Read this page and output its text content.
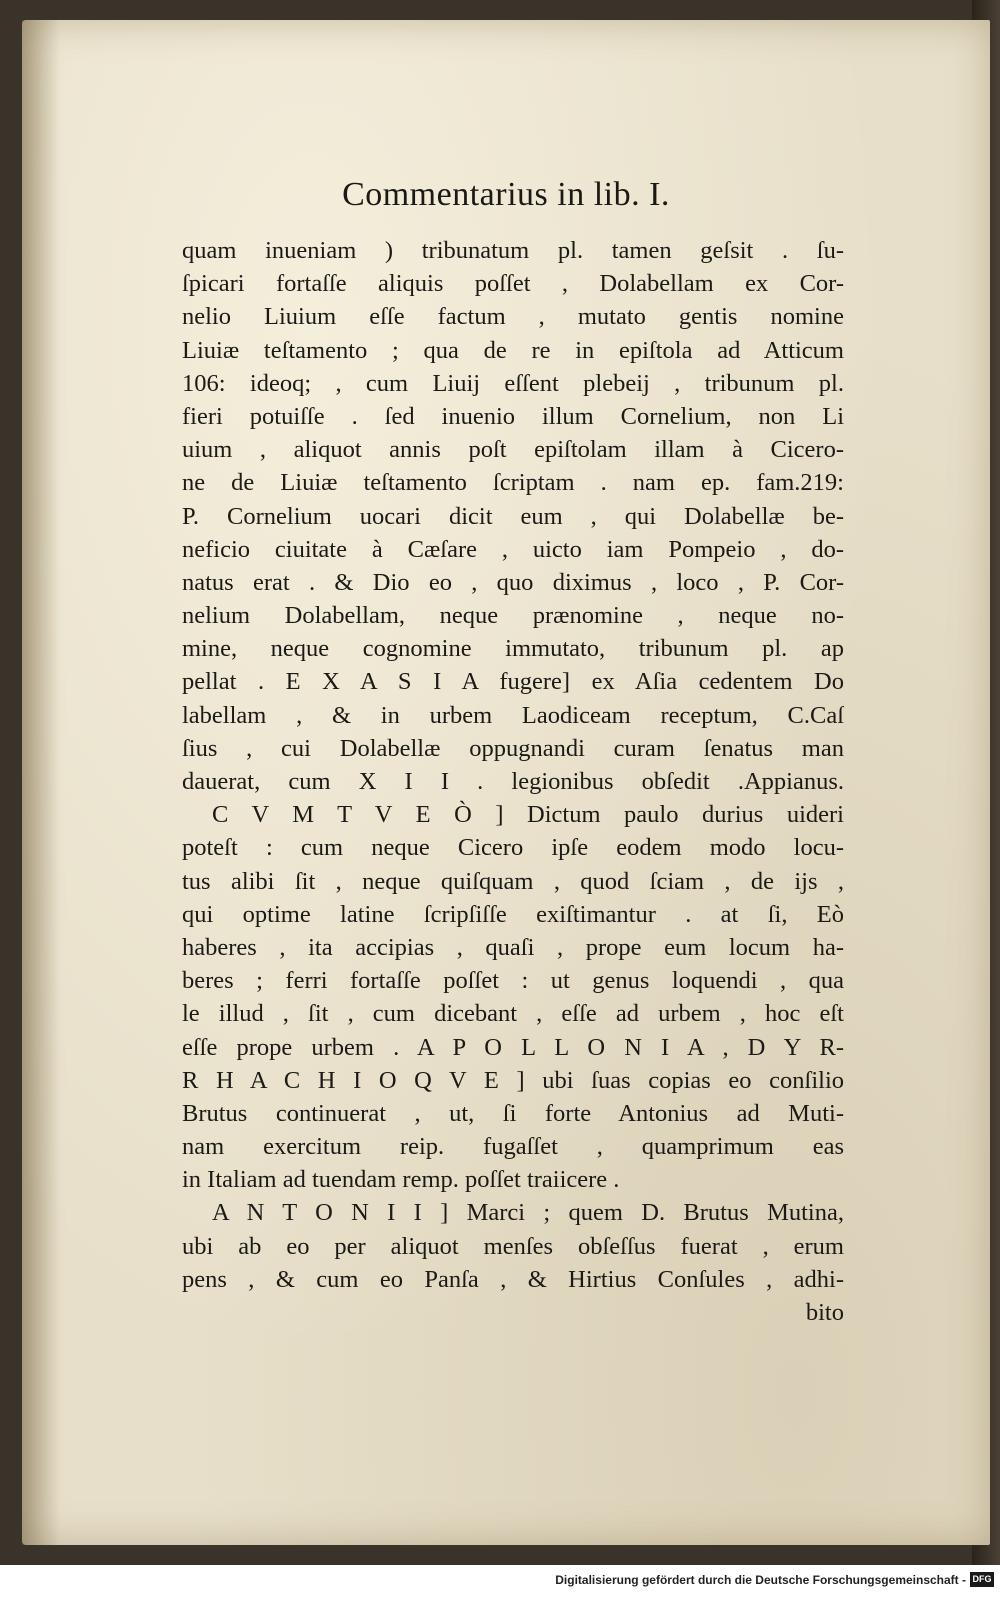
Commentarius in lib. I.
quam inueniam ) tribunatum pl. tamen geſsit . ſu-
ſpicari fortaſſe aliquis poſſet , Dolabellam ex Cor-
nelio Liuium eſſe factum , mutato gentis nomine
Liuiæ teſtamento ; qua de re in epiſtola ad Atticum
106: ideoq; , cum Liuij eſſent plebeij , tribunum pl.
fieri potuiſſe . ſed inuenio illum Cornelium, non Li
uium , aliquot annis poſt epiſtolam illam à Cicero-
ne de Liuiæ teſtamento ſcriptam . nam ep. fam.219:
P. Cornelium uocari dicit eum , qui Dolabellæ be-
neficio ciuitate à Cæſare , uicto iam Pompeio , do-
natus erat . & Dio eo , quo diximus , loco , P. Cor-
nelium Dolabellam, neque prænomine , neque no-
mine, neque cognomine immutato, tribunum pl. ap
pellat . E X A S I A fugere] ex Aſia cedentem Do
labellam , & in urbem Laodiceam receptum, C.Caſ
ſius , cui Dolabellæ oppugnandi curam ſenatus man
dauerat, cum X I I . legionibus obſedit .Appianus.
C V M T V E Ò ] Dictum paulo durius uideri
poteſt : cum neque Cicero ipſe eodem modo locu-
tus alibi ſit , neque quiſquam , quod ſciam , de ijs ,
qui optime latine ſcripſiſſe exiſtimantur . at ſi, Eò
haberes , ita accipias , quaſi , prope eum locum ha-
beres ; ferri fortaſſe poſſet : ut genus loquendi , qua
le illud , ſit , cum dicebant , eſſe ad urbem , hoc eſt
eſſe prope urbem . A P O L L O N I A , D Y R-
R H A C H I O Q V E ] ubi ſuas copias eo conſilio
Brutus continuerat , ut, ſi forte Antonius ad Muti-
nam exercitum reip. fugaſſet , quamprimum eas
in Italiam ad tuendam remp. poſſet traiicere .
A N T O N I I ] Marci ; quem D. Brutus Mutina,
ubi ab eo per aliquot menſes obſeſſus fuerat , erum
pens , & cum eo Panſa , & Hirtius Conſules , adhi-
bito
Digitalisierung gefördert durch die Deutsche Forschungsgemeinschaft - DFG
